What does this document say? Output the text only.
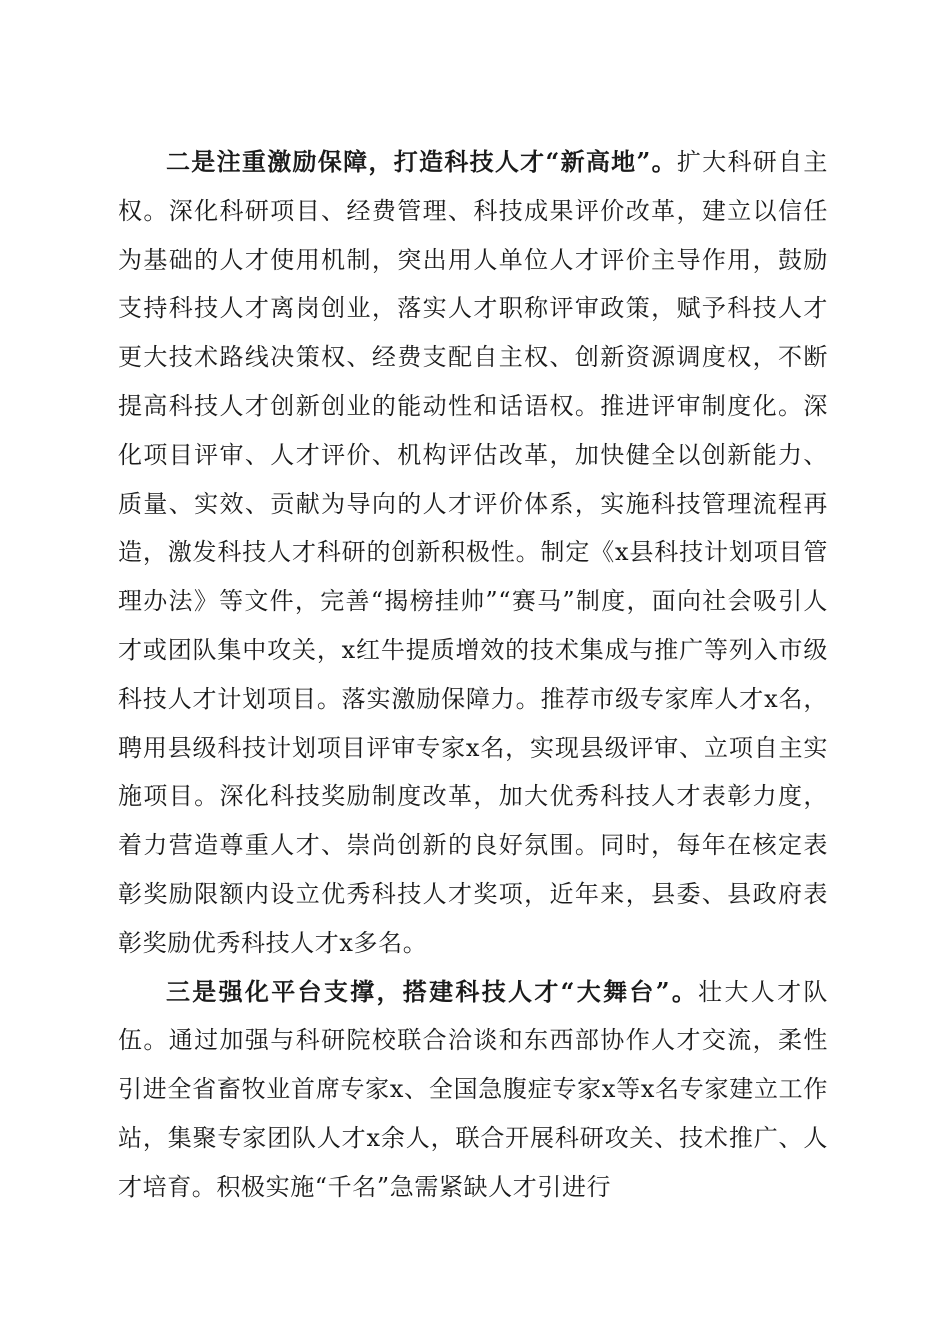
二是注重激励保障，打造科技人才“新高地”。扩大科研自主权。深化科研项目、经费管理、科技成果评价改革，建立以信任为基础的人才使用机制，突出用人单位人才评价主导作用，鼓励支持科技人才离岗创业，落实人才职称评审政策，赋予科技人才更大技术路线决策权、经费支配自主权、创新资源调度权，不断提高科技人才创新创业的能动性和话语权。推进评审制度化。深化项目评审、人才评价、机构评估改革，加快健全以创新能力、质量、实效、贡献为导向的人才评价体系，实施科技管理流程再造，激发科技人才科研的创新积极性。制定《x县科技计划项目管理办法》等文件，完善“揭榜挂帅”“赛马”制度，面向社会吸引人才或团队集中攻关，x红牛提质增效的技术集成与推广等列入市级科技人才计划项目。落实激励保障力。推荐市级专家库人才x名，聘用县级科技计划项目评审专家x名，实现县级评审、立项自主实施项目。深化科技奖励制度改革，加大优秀科技人才表彰力度，着力营造尊重人才、崇尚创新的良好氛围。同时，每年在核定表彰奖励限额内设立优秀科技人才奖项，近年来，县委、县政府表彰奖励优秀科技人才x多名。

三是强化平台支撑，搭建科技人才“大舞台”。壮大人才队伍。通过加强与科研院校联合洽谈和东西部协作人才交流，柔性引进全省畜牧业首席专家x、全国急腹症专家x等x名专家建立工作站，集聚专家团队人才x余人，联合开展科研攻关、技术推广、人才培育。积极实施“千名”急需紧缺人才引进行
